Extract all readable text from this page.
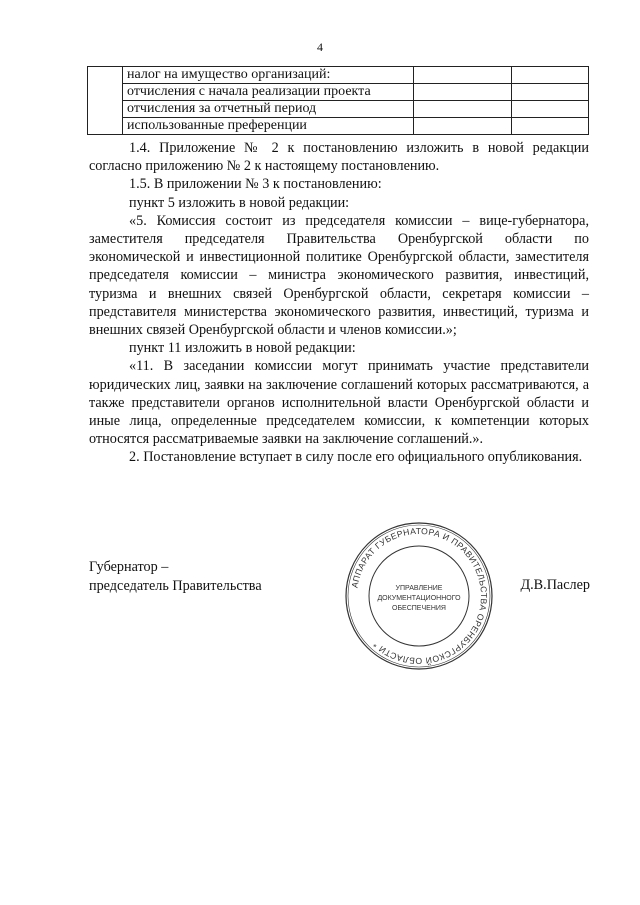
4
	налог на имущество организаций:		
	отчисления с начала реализации проекта		
	отчисления за отчетный период		
	использованные преференции		

1.4. Приложение № 2 к постановлению изложить в новой редакции согласно приложению № 2 к настоящему постановлению.

1.5. В приложении № 3 к постановлению:

пункт 5 изложить в новой редакции:

«5. Комиссия состоит из председателя комиссии – вице-губернатора, заместителя председателя Правительства Оренбургской области по экономической и инвестиционной политике Оренбургской области, заместителя председателя комиссии – министра экономического развития, инвестиций, туризма и внешних связей Оренбургской области, секретаря комиссии – представителя министерства экономического развития, инвестиций, туризма и внешних связей Оренбургской области и членов комиссии.»;

пункт 11 изложить в новой редакции:

«11. В заседании комиссии могут принимать участие представители юридических лиц, заявки на заключение соглашений которых рассматриваются, а также представители органов исполнительной власти Оренбургской области и иные лица, определенные председателем комиссии, к компетенции которых относятся рассматриваемые заявки на заключение соглашений.».

2. Постановление вступает в силу после его официального опубликования.

Губернатор –
председатель Правительства	Д.В.Паслер
АППАРАТ ГУБЕРНАТОРА И ПРАВИТЕЛЬСТВА ОРЕНБУРГСКОЙ ОБЛАСТИ *
УПРАВЛЕНИЕ
ДОКУМЕНТАЦИОННОГО
ОБЕСПЕЧЕНИЯ
